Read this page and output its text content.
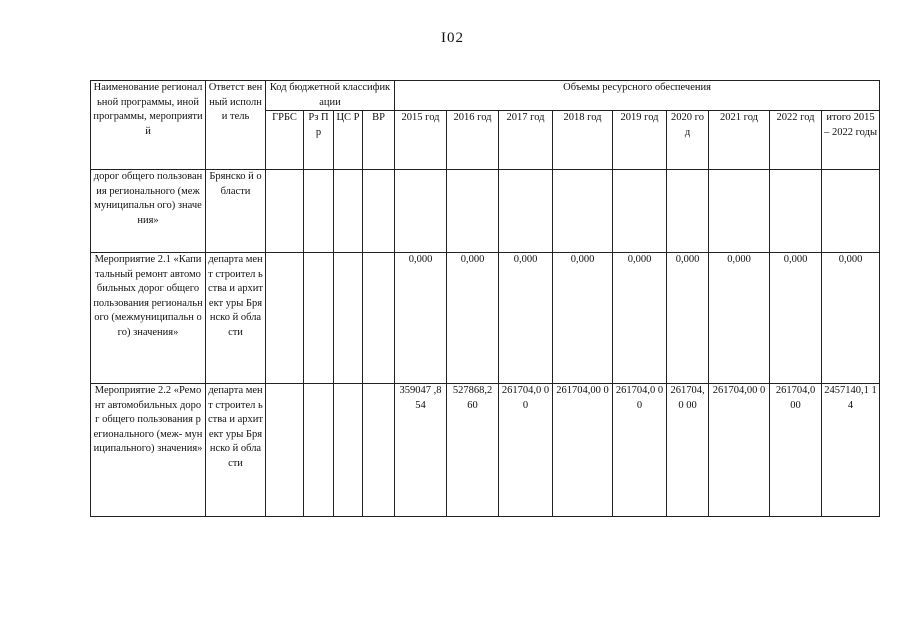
I02
Наименование региональной программы, иной программы, мероприятий	Ответст венный исполни тель	Код бюджетной классификации				Объемы ресурсного обеспечения								
		ГРБС	Рз Пр	ЦС Р	ВР	2015 год	2016 год	2017 год	2018 год	2019 год	2020 год	2021 год	2022 год	итого 2015 – 2022 годы
дорог общего пользования регионального (межмуниципальн ого) значения»	Брянско й области													
Мероприятие 2.1 «Капитальный ремонт автомобильных дорог общего пользования регионального (межмуниципальн ого) значения»	департа мент строител ьства и архитект уры Брянско й области					0,000	0,000	0,000	0,000	0,000	0,000	0,000	0,000	0,000
Мероприятие 2.2 «Ремонт автомобильных дорог общего пользования регионального (меж- муниципального) значения»	департа мент строител ьства и архитект уры Брянско й области					359047 ,854	527868,2 60	261704,0 00	261704,00 0	261704,0 00	261704,0 00	261704,00 0	261704,0 00	2457140,1 14
